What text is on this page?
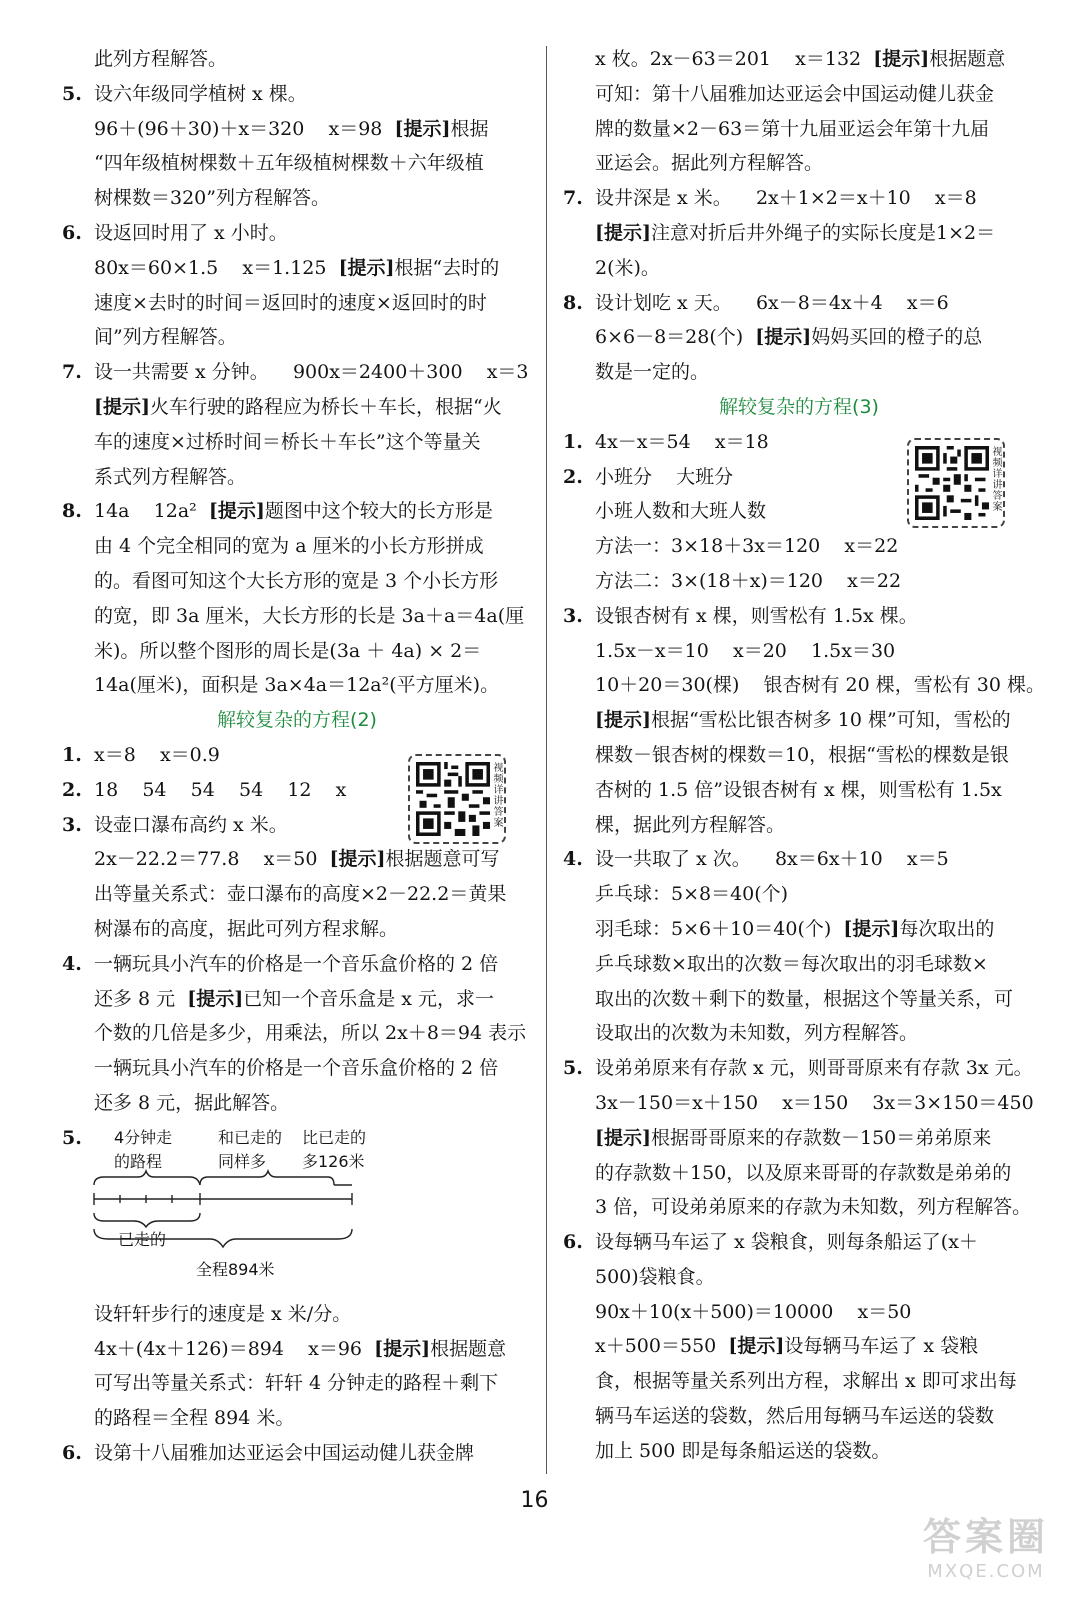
此列方程解答。
5. 设六年级同学植树 x 棵。
96＋(96＋30)＋x＝320    x＝98  [提示]根据
“四年级植树棵数＋五年级植树棵数＋六年级植
树棵数＝320”列方程解答。
6. 设返回时用了 x 小时。
80x＝60×1.5    x＝1.125  [提示]根据“去时的
速度×去时的时间＝返回时的速度×返回时的时
间”列方程解答。
7. 设一共需要 x 分钟。    900x＝2400＋300    x＝3
[提示]火车行驶的路程应为桥长＋车长，根据“火
车的速度×过桥时间＝桥长＋车长”这个等量关
系式列方程解答。
8. 14a    12a²  [提示]题图中这个较大的长方形是
由 4 个完全相同的宽为 a 厘米的小长方形拼成
的。看图可知这个大长方形的宽是 3 个小长方形
的宽，即 3a 厘米，大长方形的长是 3a＋a＝4a(厘
米)。所以整个图形的周长是(3a ＋ 4a) × 2＝
14a(厘米)，面积是 3a×4a＝12a²(平方厘米)。
解较复杂的方程(2)
1. x＝8    x＝0.9
2. 18    54    54    54    12    x
3. 设壶口瀑布高约 x 米。
2x－22.2＝77.8    x＝50  [提示]根据题意可写
出等量关系式：壶口瀑布的高度×2－22.2＝黄果
树瀑布的高度，据此可列方程求解。
4. 一辆玩具小汽车的价格是一个音乐盒价格的 2 倍
还多 8 元  [提示]已知一个音乐盒是 x 元，求一
个数的几倍是多少，用乘法，所以 2x＋8＝94 表示
一辆玩具小汽车的价格是一个音乐盒价格的 2 倍
还多 8 元，据此解答。
5.	4分钟走
的路程
和已走的
同样多
比已走的
多126米
已走的
全程894米
设轩轩步行的速度是 x 米/分。
4x＋(4x＋126)＝894    x＝96  [提示]根据题意
可写出等量关系式：轩轩 4 分钟走的路程＋剩下
的路程＝全程 894 米。
6. 设第十八届雅加达亚运会中国运动健儿获金牌
视频详讲答案
x 枚。2x－63＝201    x＝132  [提示]根据题意
可知：第十八届雅加达亚运会中国运动健儿获金
牌的数量×2－63＝第十九届亚运会年第十九届
亚运会。据此列方程解答。
7. 设井深是 x 米。    2x＋1×2＝x＋10    x＝8
[提示]注意对折后井外绳子的实际长度是1×2＝
2(米)。
8. 设计划吃 x 天。    6x－8＝4x＋4    x＝6
6×6－8＝28(个)  [提示]妈妈买回的橙子的总
数是一定的。
解较复杂的方程(3)
1. 4x－x＝54    x＝18
2. 小班分    大班分
小班人数和大班人数
方法一：3×18＋3x＝120    x＝22
方法二：3×(18＋x)＝120    x＝22
3. 设银杏树有 x 棵，则雪松有 1.5x 棵。
1.5x－x＝10    x＝20    1.5x＝30
10＋20＝30(棵)    银杏树有 20 棵，雪松有 30 棵。
[提示]根据“雪松比银杏树多 10 棵”可知，雪松的
棵数－银杏树的棵数＝10，根据“雪松的棵数是银
杏树的 1.5 倍”设银杏树有 x 棵，则雪松有 1.5x
棵，据此列方程解答。
4. 设一共取了 x 次。    8x＝6x＋10    x＝5
乒乓球：5×8＝40(个)
羽毛球：5×6＋10＝40(个)  [提示]每次取出的
乒乓球数×取出的次数＝每次取出的羽毛球数×
取出的次数＋剩下的数量，根据这个等量关系，可
设取出的次数为未知数，列方程解答。
5. 设弟弟原来有存款 x 元，则哥哥原来有存款 3x 元。
3x－150＝x＋150    x＝150    3x＝3×150＝450
[提示]根据哥哥原来的存款数－150＝弟弟原来
的存款数＋150，以及原来哥哥的存款数是弟弟的
3 倍，可设弟弟原来的存款为未知数，列方程解答。
6. 设每辆马车运了 x 袋粮食，则每条船运了(x＋
500)袋粮食。
90x＋10(x＋500)＝10000    x＝50
x＋500＝550  [提示]设每辆马车运了 x 袋粮
食，根据等量关系列出方程，求解出 x 即可求出每
辆马车运送的袋数，然后用每辆马车运送的袋数
加上 500 即是每条船运送的袋数。
视频详讲答案
16
答案圈
MXQE.COM
